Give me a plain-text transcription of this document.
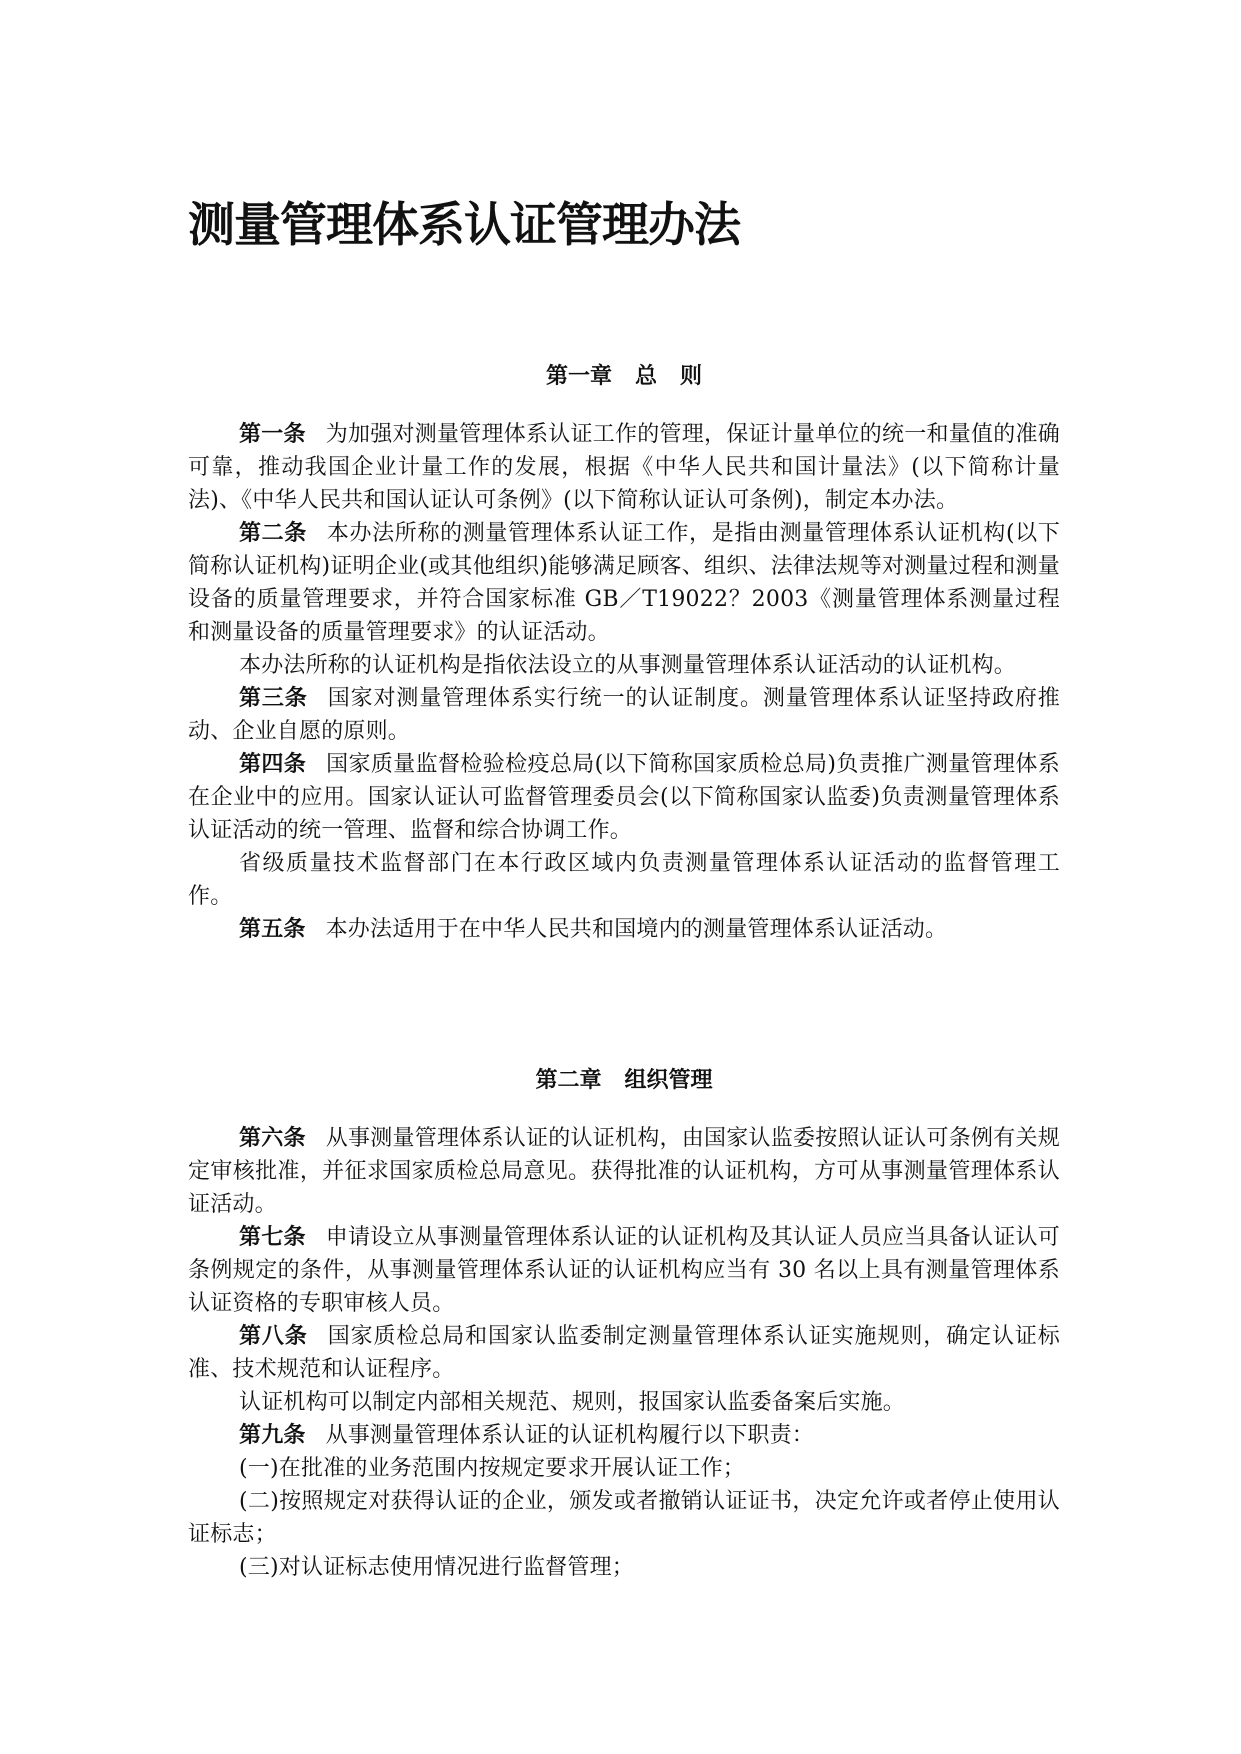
测量管理体系认证管理办法
第一章   总   则

第一条 为加强对测量管理体系认证工作的管理，保证计量单位的统一和量值的准确可靠，推动我国企业计量工作的发展，根据《中华人民共和国计量法》(以下简称计量法)、《中华人民共和国认证认可条例》(以下简称认证认可条例)，制定本办法。

第二条 本办法所称的测量管理体系认证工作，是指由测量管理体系认证机构(以下简称认证机构)证明企业(或其他组织)能够满足顾客、组织、法律法规等对测量过程和测量设备的质量管理要求，并符合国家标准 GB／T19022？2003《测量管理体系测量过程和测量设备的质量管理要求》的认证活动。

本办法所称的认证机构是指依法设立的从事测量管理体系认证活动的认证机构。

第三条 国家对测量管理体系实行统一的认证制度。测量管理体系认证坚持政府推动、企业自愿的原则。

第四条 国家质量监督检验检疫总局(以下简称国家质检总局)负责推广测量管理体系在企业中的应用。国家认证认可监督管理委员会(以下简称国家认监委)负责测量管理体系认证活动的统一管理、监督和综合协调工作。

省级质量技术监督部门在本行政区域内负责测量管理体系认证活动的监督管理工作。

第五条 本办法适用于在中华人民共和国境内的测量管理体系认证活动。

第二章   组织管理

第六条 从事测量管理体系认证的认证机构，由国家认监委按照认证认可条例有关规定审核批准，并征求国家质检总局意见。获得批准的认证机构，方可从事测量管理体系认证活动。

第七条 申请设立从事测量管理体系认证的认证机构及其认证人员应当具备认证认可条例规定的条件，从事测量管理体系认证的认证机构应当有 30 名以上具有测量管理体系认证资格的专职审核人员。

第八条 国家质检总局和国家认监委制定测量管理体系认证实施规则，确定认证标准、技术规范和认证程序。

认证机构可以制定内部相关规范、规则，报国家认监委备案后实施。

第九条 从事测量管理体系认证的认证机构履行以下职责：

(一)在批准的业务范围内按规定要求开展认证工作；

(二)按照规定对获得认证的企业，颁发或者撤销认证证书，决定允许或者停止使用认证标志；

(三)对认证标志使用情况进行监督管理；
